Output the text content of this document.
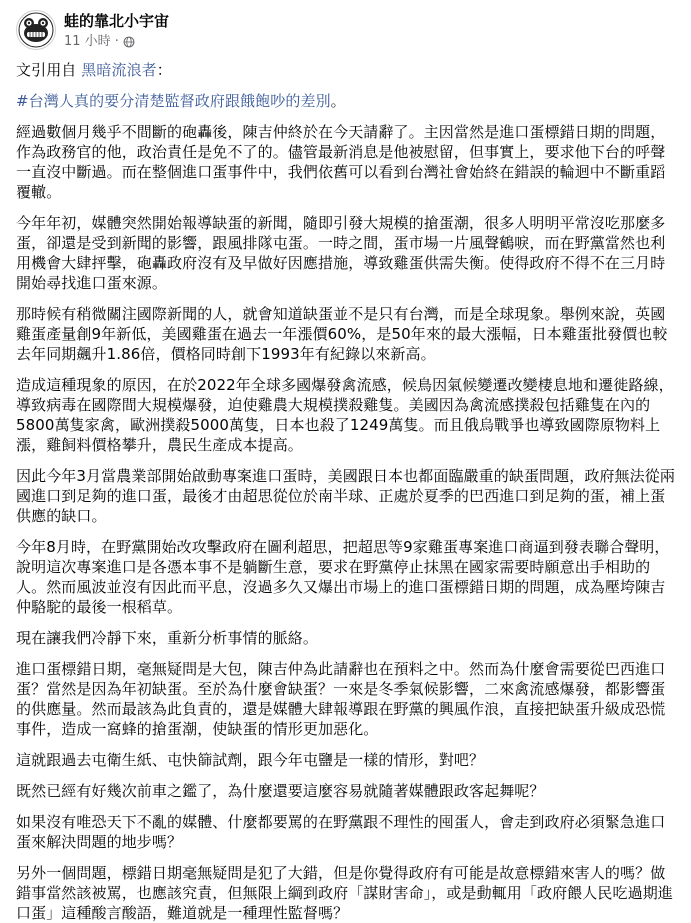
蛙的靠北小宇宙
11 小時 ·

文引用自 黑暗流浪者：

#台灣人真的要分清楚監督政府跟餓飽吵的差別。

經過數個月幾乎不間斷的砲轟後，陳吉仲終於在今天請辭了。主因當然是進口蛋標錯日期的問題，作為政務官的他，政治責任是免不了的。儘管最新消息是他被慰留，但事實上，要求他下台的呼聲一直沒中斷過。而在整個進口蛋事件中，我們依舊可以看到台灣社會始終在錯誤的輪迴中不斷重蹈覆轍。

今年年初，媒體突然開始報導缺蛋的新聞，隨即引發大規模的搶蛋潮，很多人明明平常沒吃那麼多蛋，卻還是受到新聞的影響，跟風排隊屯蛋。一時之間，蛋市場一片風聲鶴唳，而在野黨當然也利用機會大肆抨擊，砲轟政府沒有及早做好因應措施，導致雞蛋供需失衡。使得政府不得不在三月時開始尋找進口蛋來源。

那時候有稍微關注國際新聞的人，就會知道缺蛋並不是只有台灣，而是全球現象。舉例來說，英國雞蛋產量創9年新低，美國雞蛋在過去一年漲價60%，是50年來的最大漲幅，日本雞蛋批發價也較去年同期飆升1.86倍，價格同時創下1993年有紀錄以來新高。

造成這種現象的原因，在於2022年全球多國爆發禽流感，候鳥因氣候變遷改變棲息地和遷徙路線，導致病毒在國際間大規模爆發，迫使雞農大規模撲殺雞隻。美國因為禽流感撲殺包括雞隻在內的5800萬隻家禽，歐洲撲殺5000萬隻，日本也殺了1249萬隻。而且俄烏戰爭也導致國際原物料上漲，雞飼料價格攀升，農民生產成本提高。

因此今年3月當農業部開始啟動專案進口蛋時，美國跟日本也都面臨嚴重的缺蛋問題，政府無法從兩國進口到足夠的進口蛋，最後才由超思從位於南半球、正處於夏季的巴西進口到足夠的蛋，補上蛋供應的缺口。

今年8月時，在野黨開始改攻擊政府在圖利超思，把超思等9家雞蛋專案進口商逼到發表聯合聲明，說明這次專案進口是各憑本事不是躺斷生意，要求在野黨停止抹黑在國家需要時願意出手相助的人。然而風波並沒有因此而平息，沒過多久又爆出市場上的進口蛋標錯日期的問題，成為壓垮陳吉仲駱駝的最後一根稻草。

現在讓我們冷靜下來，重新分析事情的脈絡。

進口蛋標錯日期，毫無疑問是大包，陳吉仲為此請辭也在預料之中。然而為什麼會需要從巴西進口蛋？當然是因為年初缺蛋。至於為什麼會缺蛋？一來是冬季氣候影響，二來禽流感爆發，都影響蛋的供應量。然而最該為此負責的，還是媒體大肆報導跟在野黨的興風作浪，直接把缺蛋升級成恐慌事件，造成一窩蜂的搶蛋潮，使缺蛋的情形更加惡化。

這就跟過去屯衛生紙、屯快篩試劑，跟今年屯鹽是一樣的情形，對吧？

既然已經有好幾次前車之鑑了，為什麼還要這麼容易就隨著媒體跟政客起舞呢？

如果沒有唯恐天下不亂的媒體、什麼都要罵的在野黨跟不理性的囤蛋人，會走到政府必須緊急進口蛋來解決問題的地步嗎？

另外一個問題，標錯日期毫無疑問是犯了大錯，但是你覺得政府有可能是故意標錯來害人的嗎？做錯事當然該被罵，也應該究責，但無限上綱到政府「謀財害命」，或是動輒用「政府餵人民吃過期進口蛋」這種酸言酸語，難道就是一種理性監督嗎？
